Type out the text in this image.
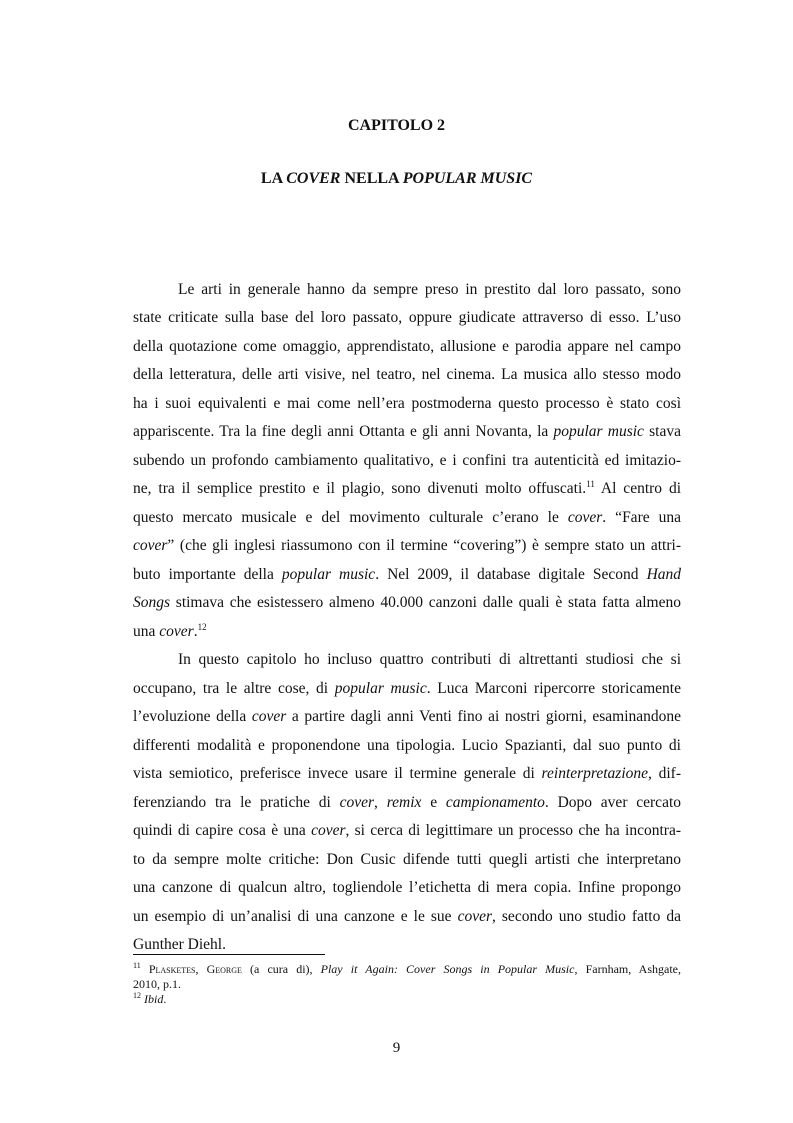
CAPITOLO 2
LA COVER NELLA POPULAR MUSIC
Le arti in generale hanno da sempre preso in prestito dal loro passato, sono
state criticate sulla base del loro passato, oppure giudicate attraverso di esso. L’uso
della quotazione come omaggio, apprendistato, allusione e parodia appare nel campo
della letteratura, delle arti visive, nel teatro, nel cinema. La musica allo stesso modo
ha i suoi equivalenti e mai come nell’era postmoderna questo processo è stato così
appariscente. Tra la fine degli anni Ottanta e gli anni Novanta, la popular music stava
subendo un profondo cambiamento qualitativo, e i confini tra autenticità ed imitazio-
ne, tra il semplice prestito e il plagio, sono divenuti molto offuscati.$^{11}$ Al centro di
questo mercato musicale e del movimento culturale c’erano le cover. “Fare una
cover” (che gli inglesi riassumono con il termine “covering”) è sempre stato un attri-
buto importante della popular music. Nel 2009, il database digitale Second Hand
Songs stimava che esistessero almeno 40.000 canzoni dalle quali è stata fatta almeno
una cover.$^{12}$
In questo capitolo ho incluso quattro contributi di altrettanti studiosi che si
occupano, tra le altre cose, di popular music. Luca Marconi ripercorre storicamente
l’evoluzione della cover a partire dagli anni Venti fino ai nostri giorni, esaminandone
differenti modalità e proponendone una tipologia. Lucio Spazianti, dal suo punto di
vista semiotico, preferisce invece usare il termine generale di reinterpretazione, dif-
ferenziando tra le pratiche di cover, remix e campionamento. Dopo aver cercato
quindi di capire cosa è una cover, si cerca di legittimare un processo che ha incontra-
to da sempre molte critiche: Don Cusic difende tutti quegli artisti che interpretano
una canzone di qualcun altro, togliendole l’etichetta di mera copia. Infine propongo
un esempio di un’analisi di una canzone e le sue cover, secondo uno studio fatto da
Gunther Diehl.
$^{11}$ Plasketes, George (a cura di), Play it Again: Cover Songs in Popular Music, Farnham, Ashgate,
2010, p.1.
$^{12}$ Ibid.
9
